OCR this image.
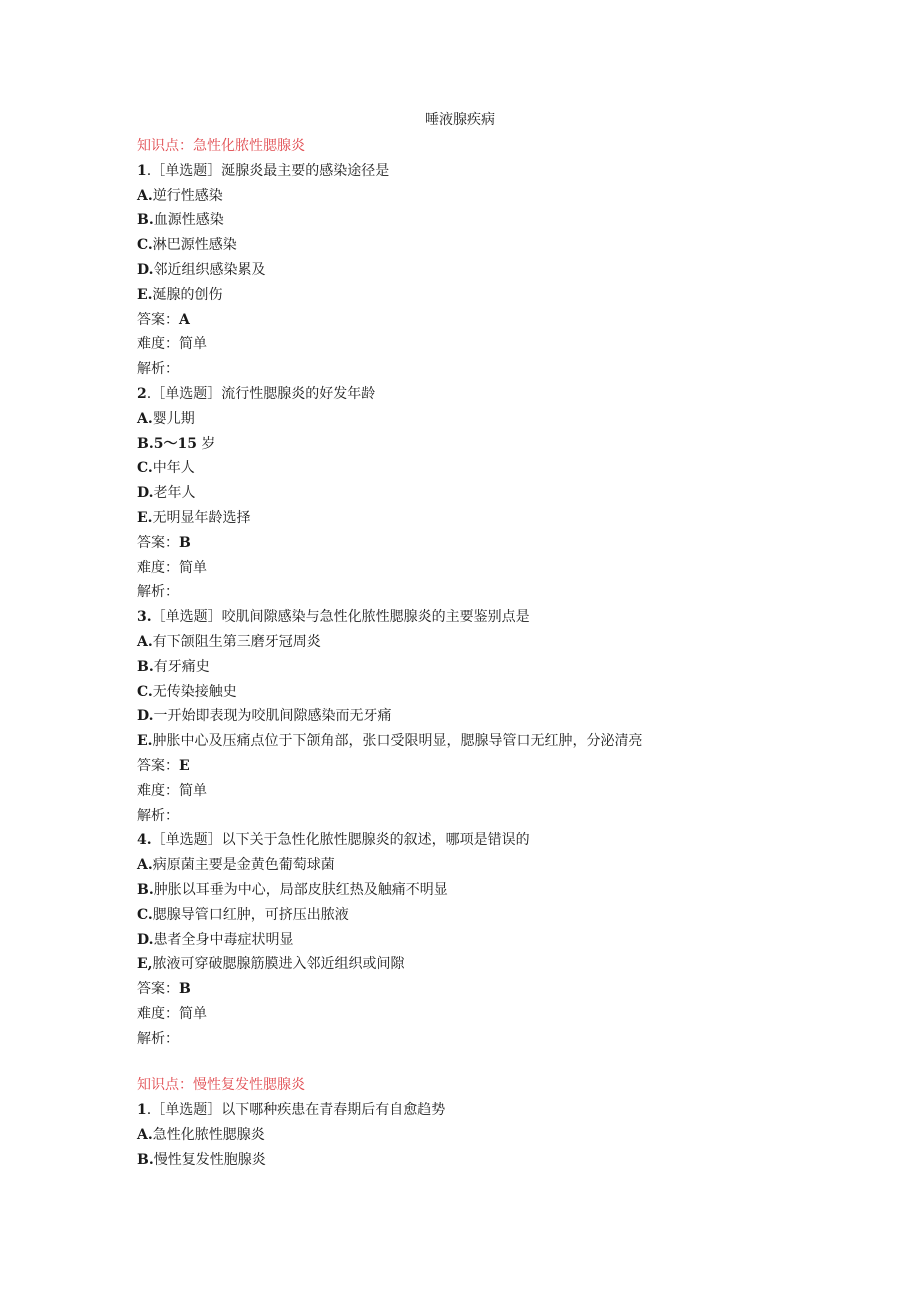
唾液腺疾病
知识点：急性化脓性腮腺炎
1.［单选题］涎腺炎最主要的感染途径是
A.逆行性感染
B.血源性感染
C.淋巴源性感染
D.邻近组织感染累及
E.涎腺的创伤
答案：A
难度：简单
解析：
2.［单选题］流行性腮腺炎的好发年龄
A.婴儿期
B.5～15 岁
C.中年人
D.老年人
E.无明显年龄选择
答案：B
难度：简单
解析：
3.［单选题］咬肌间隙感染与急性化脓性腮腺炎的主要鉴别点是
A.有下颌阻生第三磨牙冠周炎
B.有牙痛史
C.无传染接触史
D.一开始即表现为咬肌间隙感染而无牙痛
E.肿胀中心及压痛点位于下颌角部，张口受限明显，腮腺导管口无红肿，分泌清亮
答案：E
难度：简单
解析：
4.［单选题］以下关于急性化脓性腮腺炎的叙述，哪项是错误的
A.病原菌主要是金黄色葡萄球菌
B.肿胀以耳垂为中心，局部皮肤红热及触痛不明显
C.腮腺导管口红肿，可挤压出脓液
D.患者全身中毒症状明显
E,脓液可穿破腮腺筋膜进入邻近组织或间隙
答案：B
难度：简单
解析：
知识点：慢性复发性腮腺炎
1.［单选题］以下哪种疾患在青春期后有自愈趋势
A.急性化脓性腮腺炎
B.慢性复发性胞腺炎
